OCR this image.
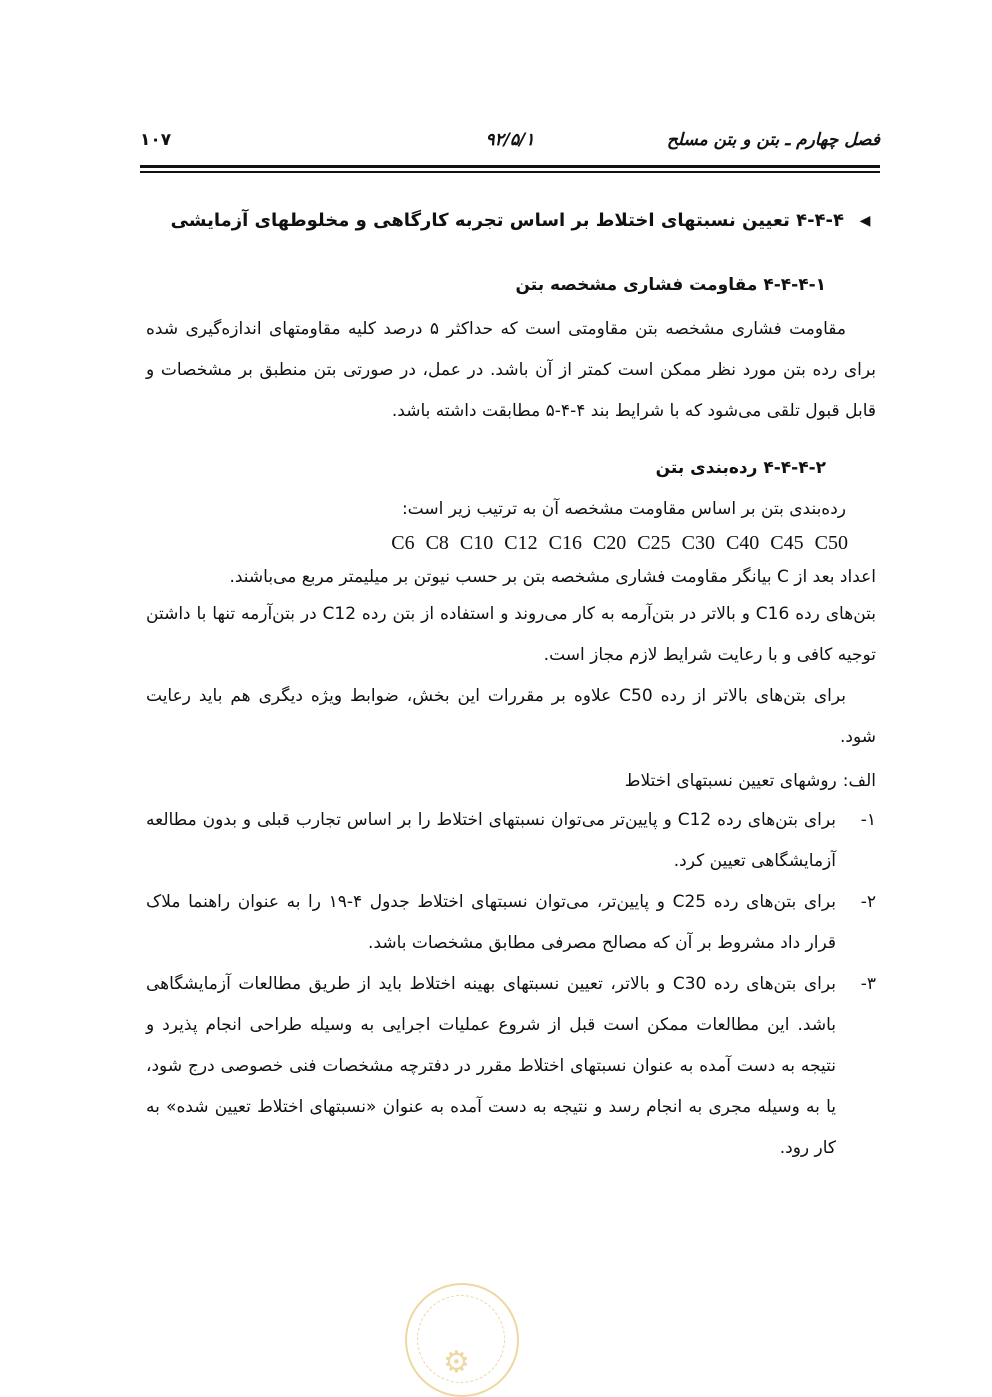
فصل چهارم ـ بتن و بتن مسلح
۹۲/۵/۱
۱۰۷
◀
۴-۴-۴ تعیین نسبتهای اختلاط بر اساس تجربه کارگاهی و مخلوطهای آزمایشی
۴-۴-۴-۱ مقاومت فشاری مشخصه بتن

مقاومت فشاری مشخصه بتن مقاومتی است که حداکثر ۵ درصد کلیه مقاومتهای اندازه‌گیری شده برای رده بتن مورد نظر ممکن است کمتر از آن باشد. در عمل، در صورتی بتن منطبق بر مشخصات و قابل قبول تلقی می‌شود که با شرایط بند ۴-۴-۵ مطابقت داشته باشد.

۴-۴-۴-۲ رده‌بندی بتن

رده‌بندی بتن بر اساس مقاومت مشخصه آن به ترتیب زیر است:

C6 C8 C10 C12 C16 C20 C25 C30 C40 C45 C50

اعداد بعد از C بیانگر مقاومت فشاری مشخصه بتن بر حسب نیوتن بر میلیمتر مربع می‌باشند.

بتن‌های رده C16 و بالاتر در بتن‌آرمه به کار می‌روند و استفاده از بتن رده C12 در بتن‌آرمه تنها با داشتن توجیه کافی و با رعایت شرایط لازم مجاز است.

برای بتن‌های بالاتر از رده C50 علاوه بر مقررات این بخش، ضوابط ویژه دیگری هم باید رعایت شود.

الف:
روشهای تعیین نسبتهای اختلاط
۱-
برای بتن‌های رده C12 و پایین‌تر می‌توان نسبتهای اختلاط را بر اساس تجارب قبلی و بدون مطالعه آزمایشگاهی تعیین کرد.
۲-
برای بتن‌های رده C25 و پایین‌تر، می‌توان نسبتهای اختلاط جدول ۴-۱۹ را به عنوان راهنما ملاک قرار داد مشروط بر آن که مصالح مصرفی مطابق مشخصات باشد.
۳-
برای بتن‌های رده C30 و بالاتر، تعیین نسبتهای بهینه اختلاط باید از طریق مطالعات آزمایشگاهی باشد. این مطالعات ممکن است قبل از شروع عملیات اجرایی به وسیله طراحی انجام پذیرد و نتیجه به دست آمده به عنوان نسبتهای اختلاط مقرر در دفترچه مشخصات فنی خصوصی درج شود، یا به وسیله مجری به انجام رسد و نتیجه به دست آمده به عنوان «نسبتهای اختلاط تعیین شده» به کار رود.
⚙
